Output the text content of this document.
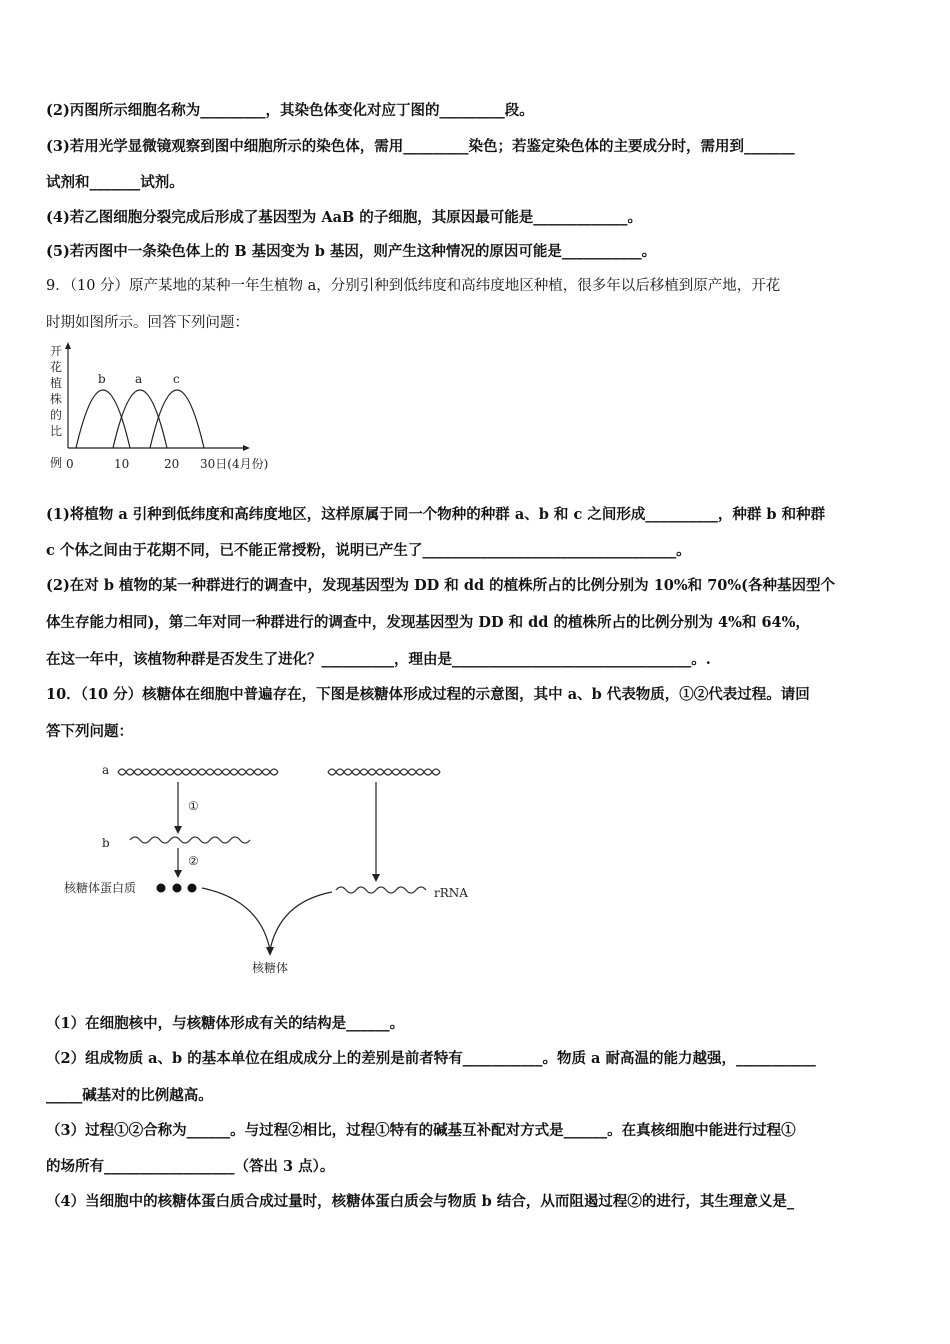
(2)丙图所示细胞名称为_________，其染色体变化对应丁图的_________段。
(3)若用光学显微镜观察到图中细胞所示的染色体，需用_________染色；若鉴定染色体的主要成分时，需用到_______
试剂和_______试剂。
(4)若乙图细胞分裂完成后形成了基因型为 AaB 的子细胞，其原因最可能是_____________。
(5)若丙图中一条染色体上的 B 基因变为 b 基因，则产生这种情况的原因可能是___________。
9．（10 分）原产某地的某种一年生植物 a，分别引种到低纬度和高纬度地区种植，很多年以后移植到原产地，开花
时期如图所示。回答下列问题：
开
花
植
株
的
比
例
b a	c
0	10	20 30日(4月份)
(1)将植物 a 引种到低纬度和高纬度地区，这样原属于同一个物种的种群 a、b 和 c 之间形成__________，种群 b 和种群
c 个体之间由于花期不同，已不能正常授粉，说明已产生了___________________________________。
(2)在对 b 植物的某一种群进行的调查中，发现基因型为 DD 和 dd 的植株所占的比例分别为 10%和 70%(各种基因型个
体生存能力相同)，第二年对同一种群进行的调查中，发现基因型为 DD 和 dd 的植株所占的比例分别为 4%和 64%，
在这一年中，该植物种群是否发生了进化？__________，理由是_________________________________。.
10．（10 分）核糖体在细胞中普遍存在，下图是核糖体形成过程的示意图，其中 a、b 代表物质，①②代表过程。请回
答下列问题：
a
①
b
②
核糖体蛋白质	rRNA
核糖体
（1）在细胞核中，与核糖体形成有关的结构是______。
（2）组成物质 a、b 的基本单位在组成成分上的差别是前者特有___________。物质 a 耐高温的能力越强，___________
_____碱基对的比例越高。
（3）过程①②合称为______。与过程②相比，过程①特有的碱基互补配对方式是______。在真核细胞中能进行过程①
的场所有__________________（答出 3 点）。
（4）当细胞中的核糖体蛋白质合成过量时，核糖体蛋白质会与物质 b 结合，从而阻遏过程②的进行，其生理意义是_
